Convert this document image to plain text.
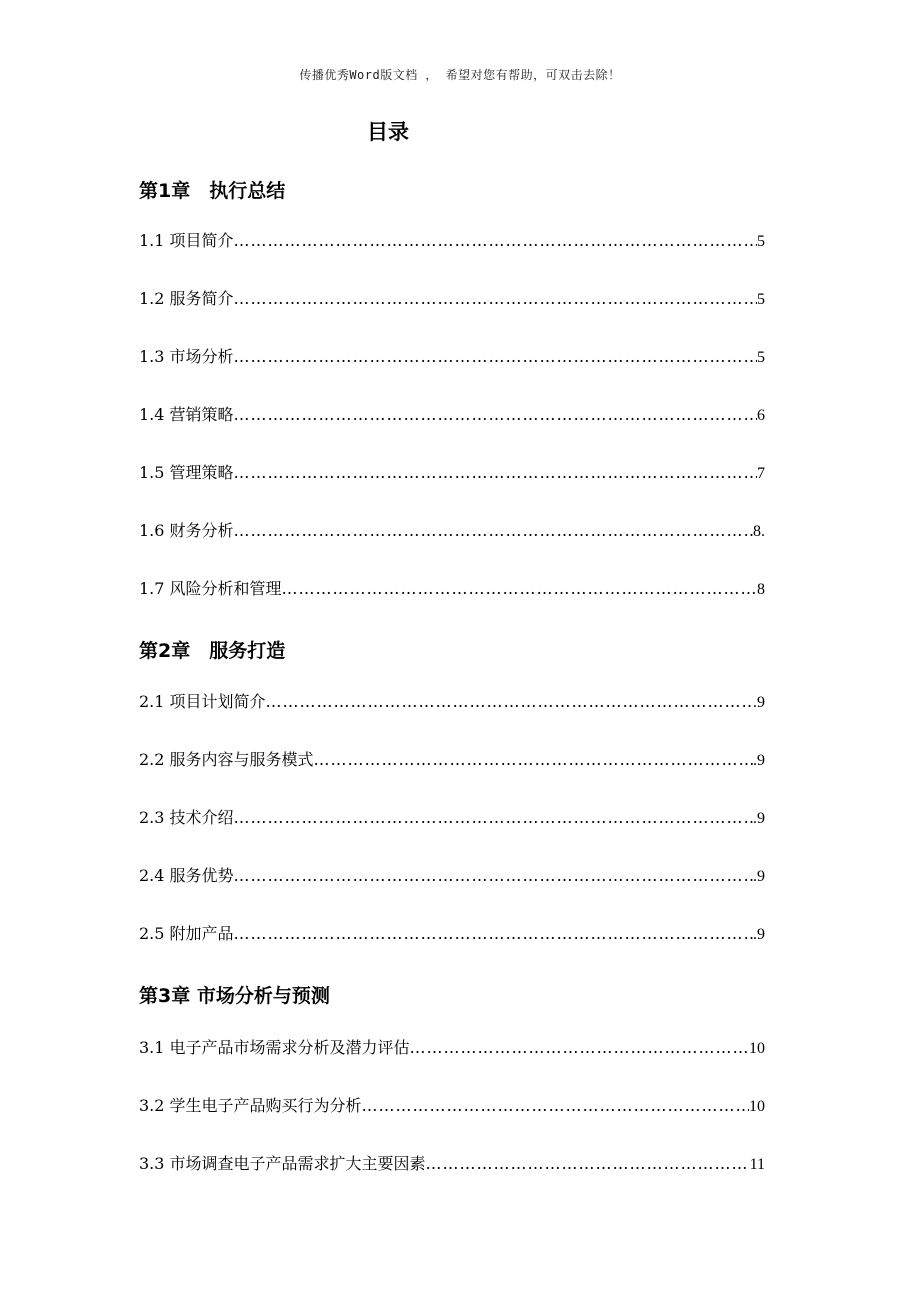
传播优秀Word版文档 ， 希望对您有帮助，可双击去除！
目录
第1章　执行总结
1.1 项目简介 ……………………………………………………………………………………………………………………………………………………………………………………………………………	5
1.2 服务简介 ……………………………………………………………………………………………………………………………………………………………………………………………………………	5
1.3 市场分析 ……………………………………………………………………………………………………………………………………………………………………………………………………………	5
1.4 营销策略 ……………………………………………………………………………………………………………………………………………………………………………………………………………	6
1.5 管理策略 ……………………………………………………………………………………………………………………………………………………………………………………………………………	7
1.6 财务分析 ……………………………………………………………………………………………………………………………………………………………………………………………………………	8.
1.7 风险分析和管理 ……………………………………………………………………………………………………………………………………………………………………………………………………………	8
第2章　服务打造
2.1 项目计划简介 ……………………………………………………………………………………………………………………………………………………………………………………………………………	.9
2.2 服务内容与服务模式 ……………………………………………………………………………………………………………………………………………………………………………………………………………	.9
2.3 技术介绍 ……………………………………………………………………………………………………………………………………………………………………………………………………………	.9
2.4 服务优势 ……………………………………………………………………………………………………………………………………………………………………………………………………………	.9
2.5 附加产品 ……………………………………………………………………………………………………………………………………………………………………………………………………………	.9
第3章 市场分析与预测
3.1 电子产品市场需求分析及潜力评估 ……………………………………………………………………………………………………………………………………………………………………………………………………………	10
3.2 学生电子产品购买行为分析 ……………………………………………………………………………………………………………………………………………………………………………………………………………	10
3.3 市场调查电子产品需求扩大主要因素 ……………………………………………………………………………………………………………………………………………………………………………………………………………	11
